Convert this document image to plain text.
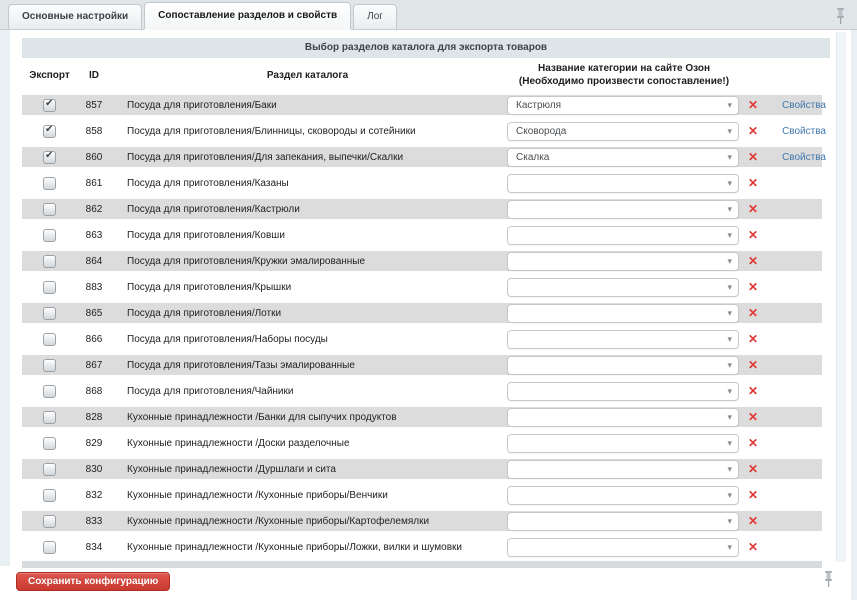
Основные настройки	Сопоставление разделов и свойств	Лог
Выбор разделов каталога для экспорта товаров
Экспорт	ID	Раздел каталога
Название категории на сайте Озон
(Необходимо произвести сопоставление!)
✔
857	Посуда для приготовления/Баки	Кастрюля	▾ ✕ Свойства
✔
858	Посуда для приготовления/Блинницы, сковороды и сотейники	Сковорода	▾ ✕ Свойства
✔
860	Посуда для приготовления/Для запекания, выпечки/Скалки	Скалка	▾ ✕ Свойства
861	Посуда для приготовления/Казаны	▾ ✕
862	Посуда для приготовления/Кастрюли	▾ ✕
863	Посуда для приготовления/Ковши	▾ ✕
864	Посуда для приготовления/Кружки эмалированные	▾ ✕
883	Посуда для приготовления/Крышки	▾ ✕
865	Посуда для приготовления/Лотки	▾ ✕
866	Посуда для приготовления/Наборы посуды	▾ ✕
867	Посуда для приготовления/Тазы эмалированные	▾ ✕
868	Посуда для приготовления/Чайники	▾ ✕
828	Кухонные принадлежности /Банки для сыпучих продуктов	▾ ✕
829	Кухонные принадлежности /Доски разделочные	▾ ✕
830	Кухонные принадлежности /Дуршлаги и сита	▾ ✕
832	Кухонные принадлежности /Кухонные приборы/Венчики	▾ ✕
833	Кухонные принадлежности /Кухонные приборы/Картофелемялки	▾ ✕
834	Кухонные принадлежности /Кухонные приборы/Ложки, вилки и шумовки	▾ ✕
Сохранить конфигурацию
